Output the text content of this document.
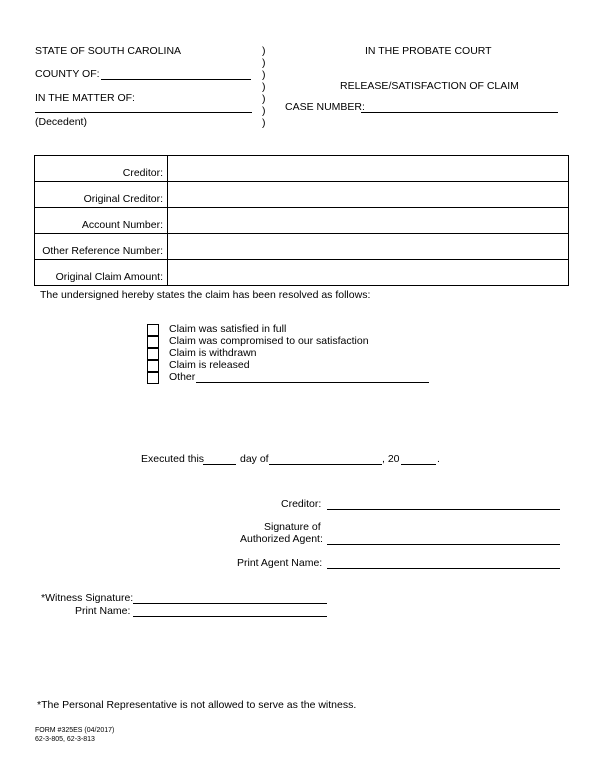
STATE OF SOUTH CAROLINA
COUNTY OF:
IN THE MATTER OF:
(Decedent)
)
)
)
)
)
)
)
IN THE PROBATE COURT
RELEASE/SATISFACTION OF CLAIM
CASE NUMBER:
Creditor:	
Original Creditor:	
Account Number:	
Other Reference Number:	
Original Claim Amount:	
The undersigned hereby states the claim has been resolved as follows:
Claim was satisfied in full
Claim was compromised to our satisfaction
Claim is withdrawn
Claim is released
Other
Executed this	day of	, 20	.
Creditor:
Signature of
Authorized Agent:
Print Agent Name:
*Witness Signature:
Print Name:
*The Personal Representative is not allowed to serve as the witness.
FORM #325ES (04/2017)
62-3-805, 62-3-813
